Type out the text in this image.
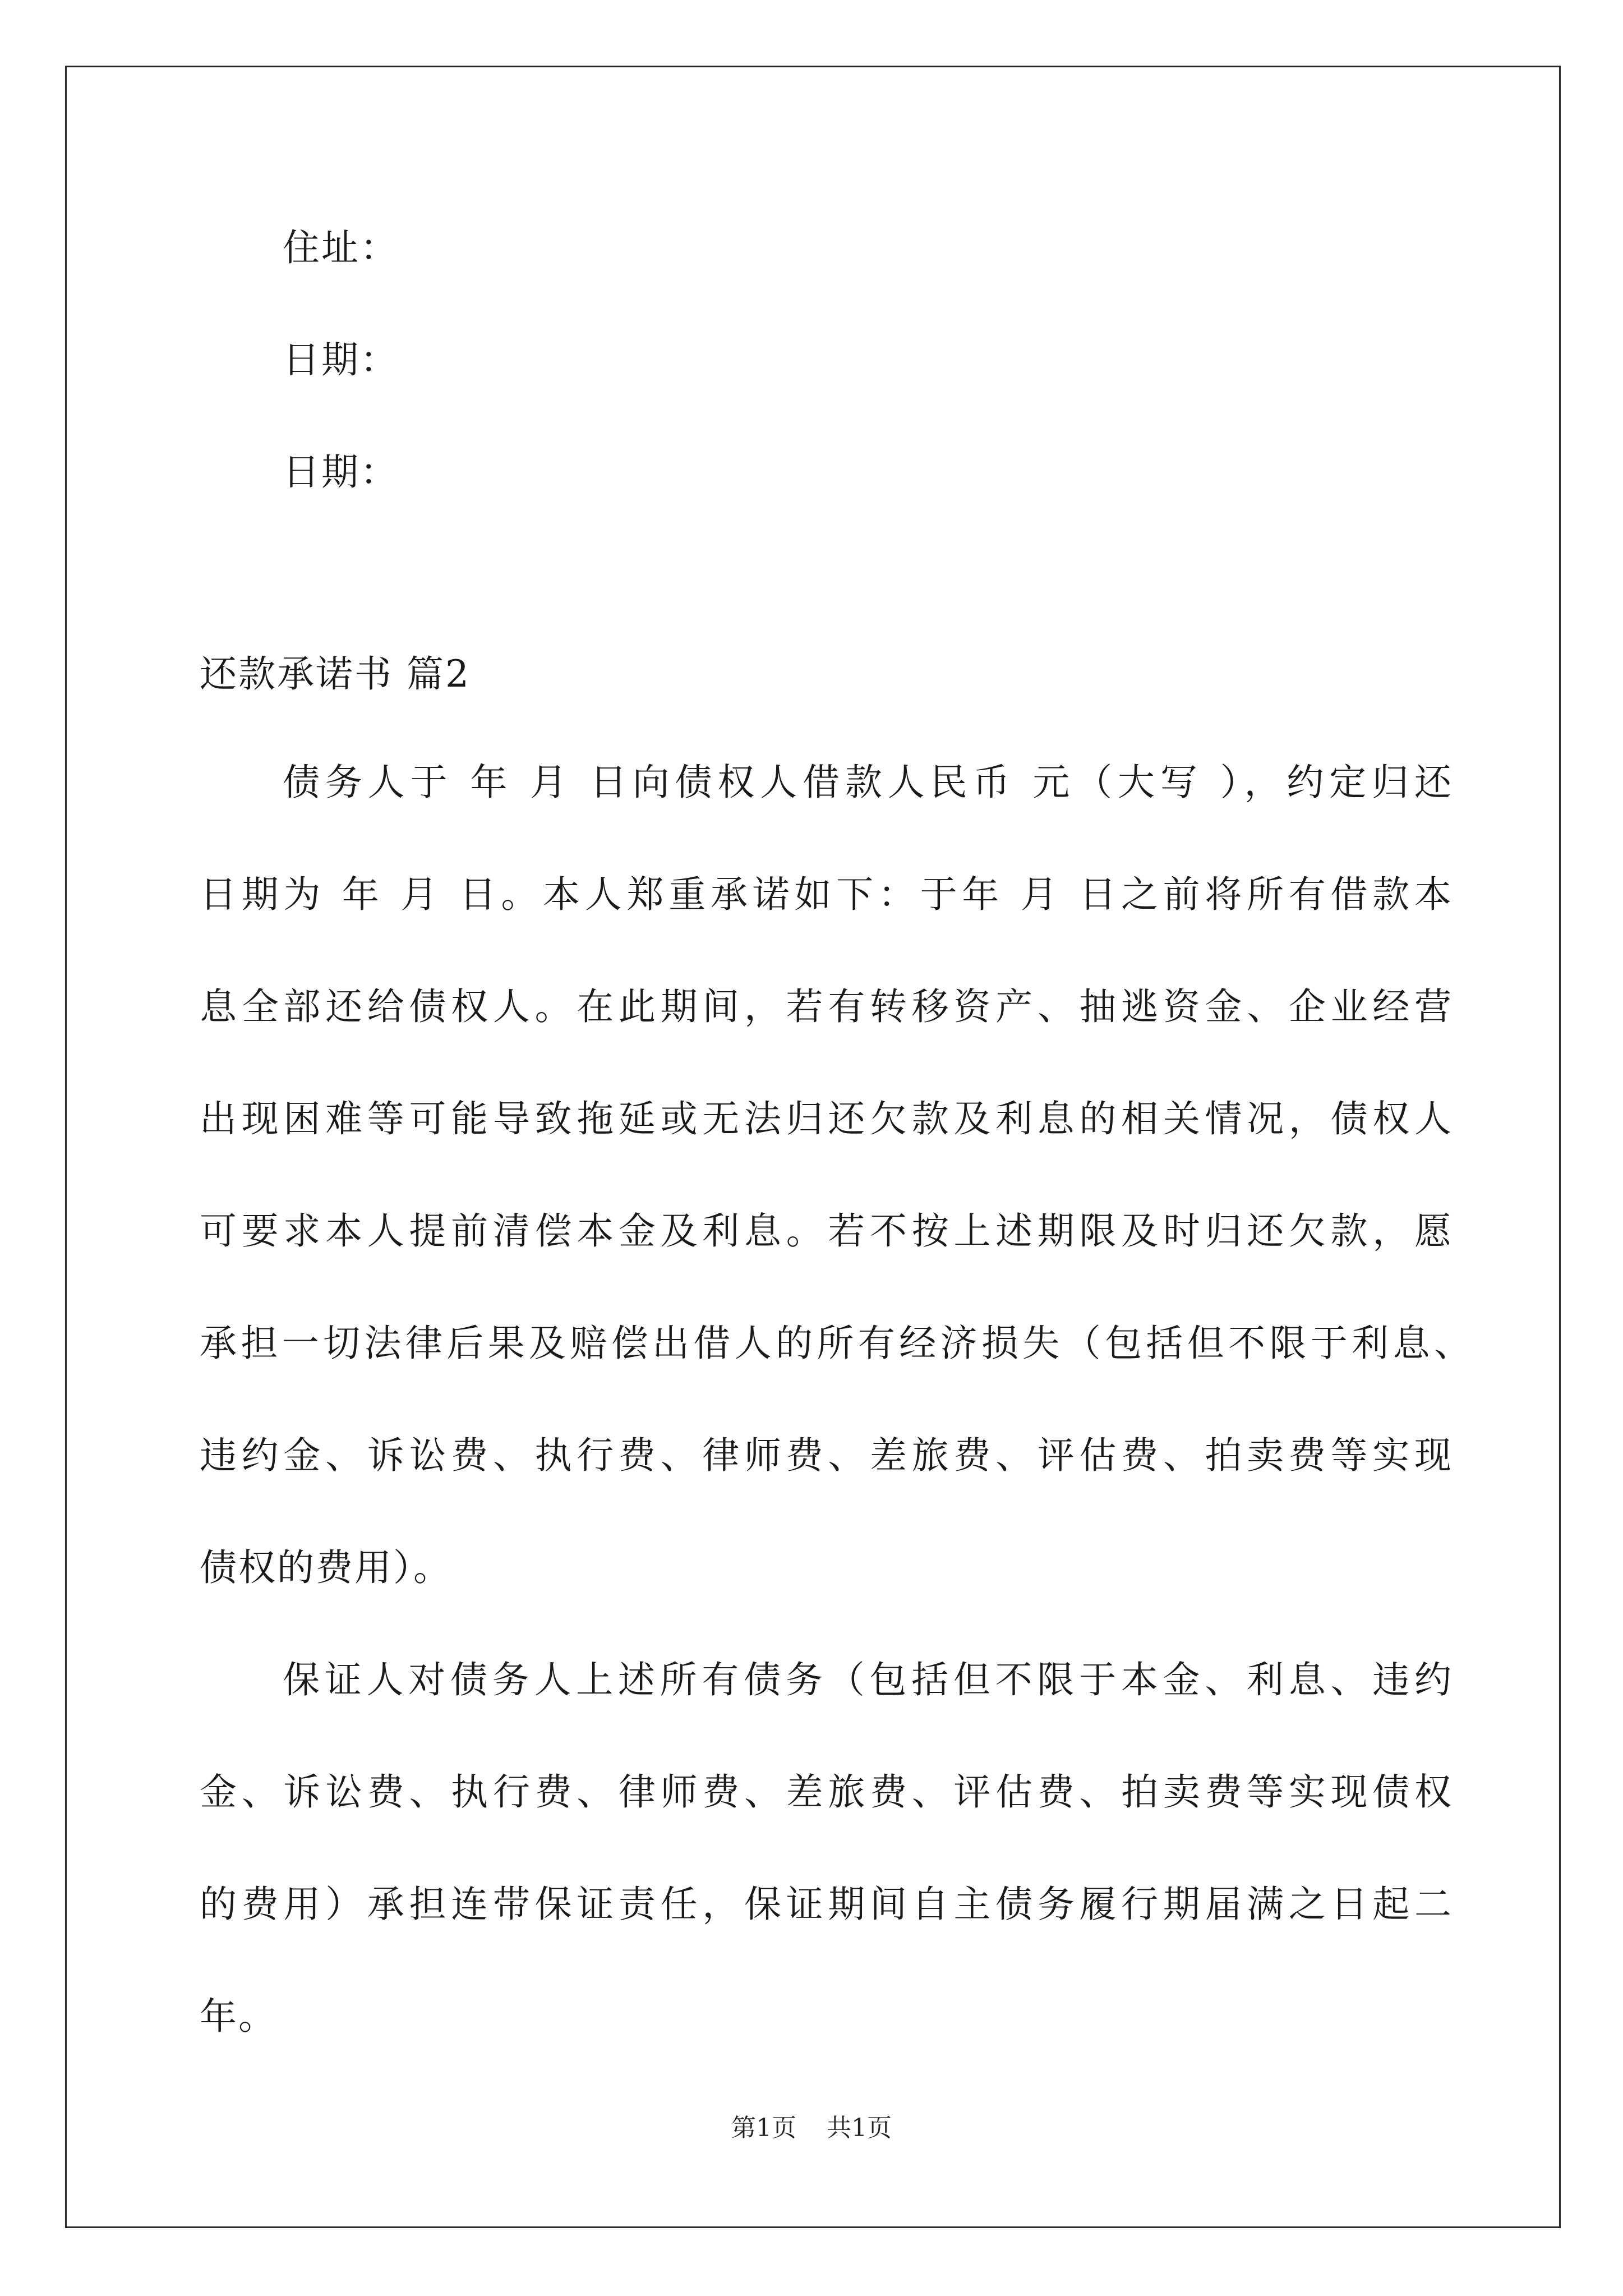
住址：
日期：
日期：
还款承诺书 篇2
债务人于 年 月 日向债权人借款人民币 元（大写 ），约定归还
日期为 年 月 日。本人郑重承诺如下：于年 月 日之前将所有借款本
息全部还给债权人。在此期间，若有转移资产、抽逃资金、企业经营
出现困难等可能导致拖延或无法归还欠款及利息的相关情况，债权人
可要求本人提前清偿本金及利息。若不按上述期限及时归还欠款，愿
承担一切法律后果及赔偿出借人的所有经济损失（包括但不限于利息、
违约金、诉讼费、执行费、律师费、差旅费、评估费、拍卖费等实现
债权的费用）。
保证人对债务人上述所有债务（包括但不限于本金、利息、违约
金、诉讼费、执行费、律师费、差旅费、评估费、拍卖费等实现债权
的费用）承担连带保证责任，保证期间自主债务履行期届满之日起二
年。
第1页 共1页
